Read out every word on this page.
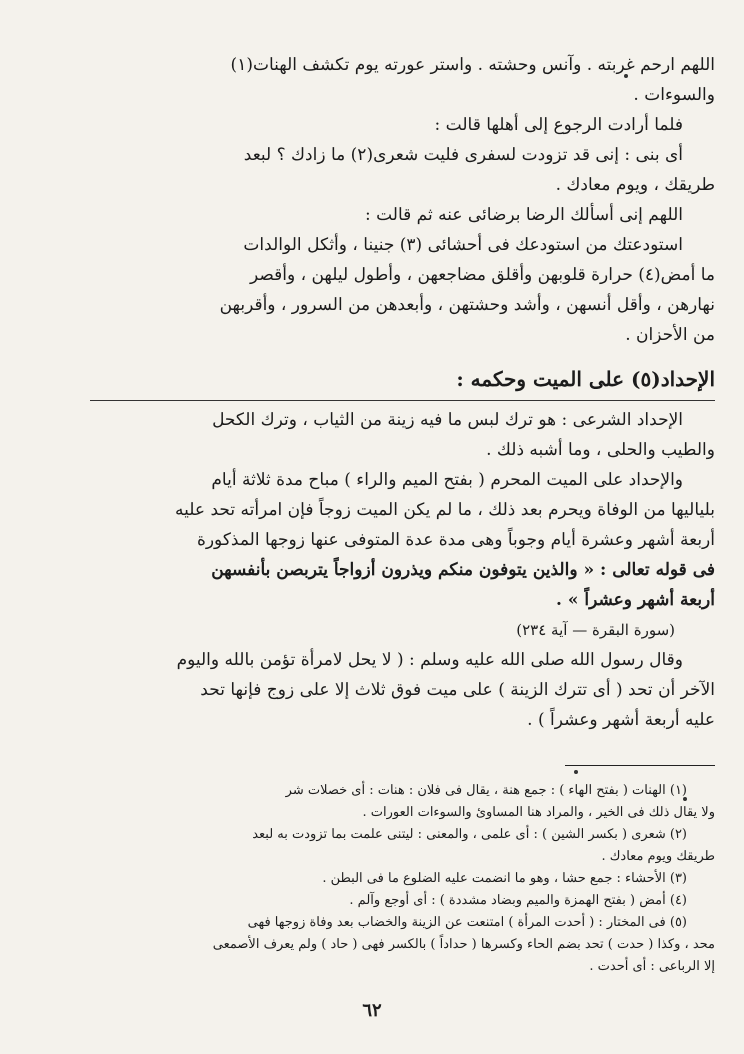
اللهم ارحم غربته . وآنس وحشته . واستر عورته يوم تكشف الهنات(١)
والسوءات .
فلما أرادت الرجوع إلى أهلها قالت :
أى بنى : إنى قد تزودت لسفرى فليت شعرى(٢) ما زادك ؟ لبعد
طريقك ، ويوم معادك .
اللهم إنى أسألك الرضا برضائى عنه ثم قالت :
استودعتك من استودعك فى أحشائى (٣) جنينا ، وأثكل الوالدات
ما أمض(٤) حرارة قلوبهن وأقلق مضاجعهن ، وأطول ليلهن ، وأقصر
نهارهن ، وأقل أنسهن ، وأشد وحشتهن ، وأبعدهن من السرور ، وأقربهن
من الأحزان .
الإحداد(٥) على الميت وحكمه :
الإحداد الشرعى : هو ترك لبس ما فيه زينة من الثياب ، وترك الكحل
والطيب والحلى ، وما أشبه ذلك .
والإحداد على الميت المحرم ( بفتح الميم والراء ) مباح مدة ثلاثة أيام
بلياليها من الوفاة ويحرم بعد ذلك ، ما لم يكن الميت زوجاً فإن امرأته تحد عليه
أربعة أشهر وعشرة أيام وجوباً وهى مدة عدة المتوفى عنها زوجها المذكورة
فى قوله تعالى : « والذين يتوفون منكم ويذرون أزواجاً يتربصن بأنفسهن
أربعة أشهر وعشراً » .
(سورة البقرة — آية ٢٣٤)
وقال رسول الله صلى الله عليه وسلم : ( لا يحل لامرأة تؤمن بالله واليوم
الآخر أن تحد ( أى تترك الزينة ) على ميت فوق ثلاث إلا على زوج فإنها تحد
عليه أربعة أشهر وعشراً ) .
(١) الهنات ( بفتح الهاء ) : جمع هنة ، يقال فى فلان : هنات : أى خصلات شر
ولا يقال ذلك فى الخير ، والمراد هنا المساوئ والسوءات العورات .
(٢) شعرى ( بكسر الشين ) : أى علمى ، والمعنى : ليتنى علمت بما تزودت به لبعد
طريقك ويوم معادك .
(٣) الأحشاء : جمع حشا ، وهو ما انضمت عليه الضلوع ما فى البطن .
(٤) أمض ( بفتح الهمزة والميم وبضاد مشددة ) : أى أوجع وآلم .
(٥) فى المختار : ( أحدت المرأة ) امتنعت عن الزينة والخضاب بعد وفاة زوجها فهى
محد ، وكذا ( حدت ) تحد بضم الحاء وكسرها ( حداداً ) بالكسر فهى ( حاد ) ولم يعرف الأصمعى
إلا الرباعى : أى أحدت .
٦٢
